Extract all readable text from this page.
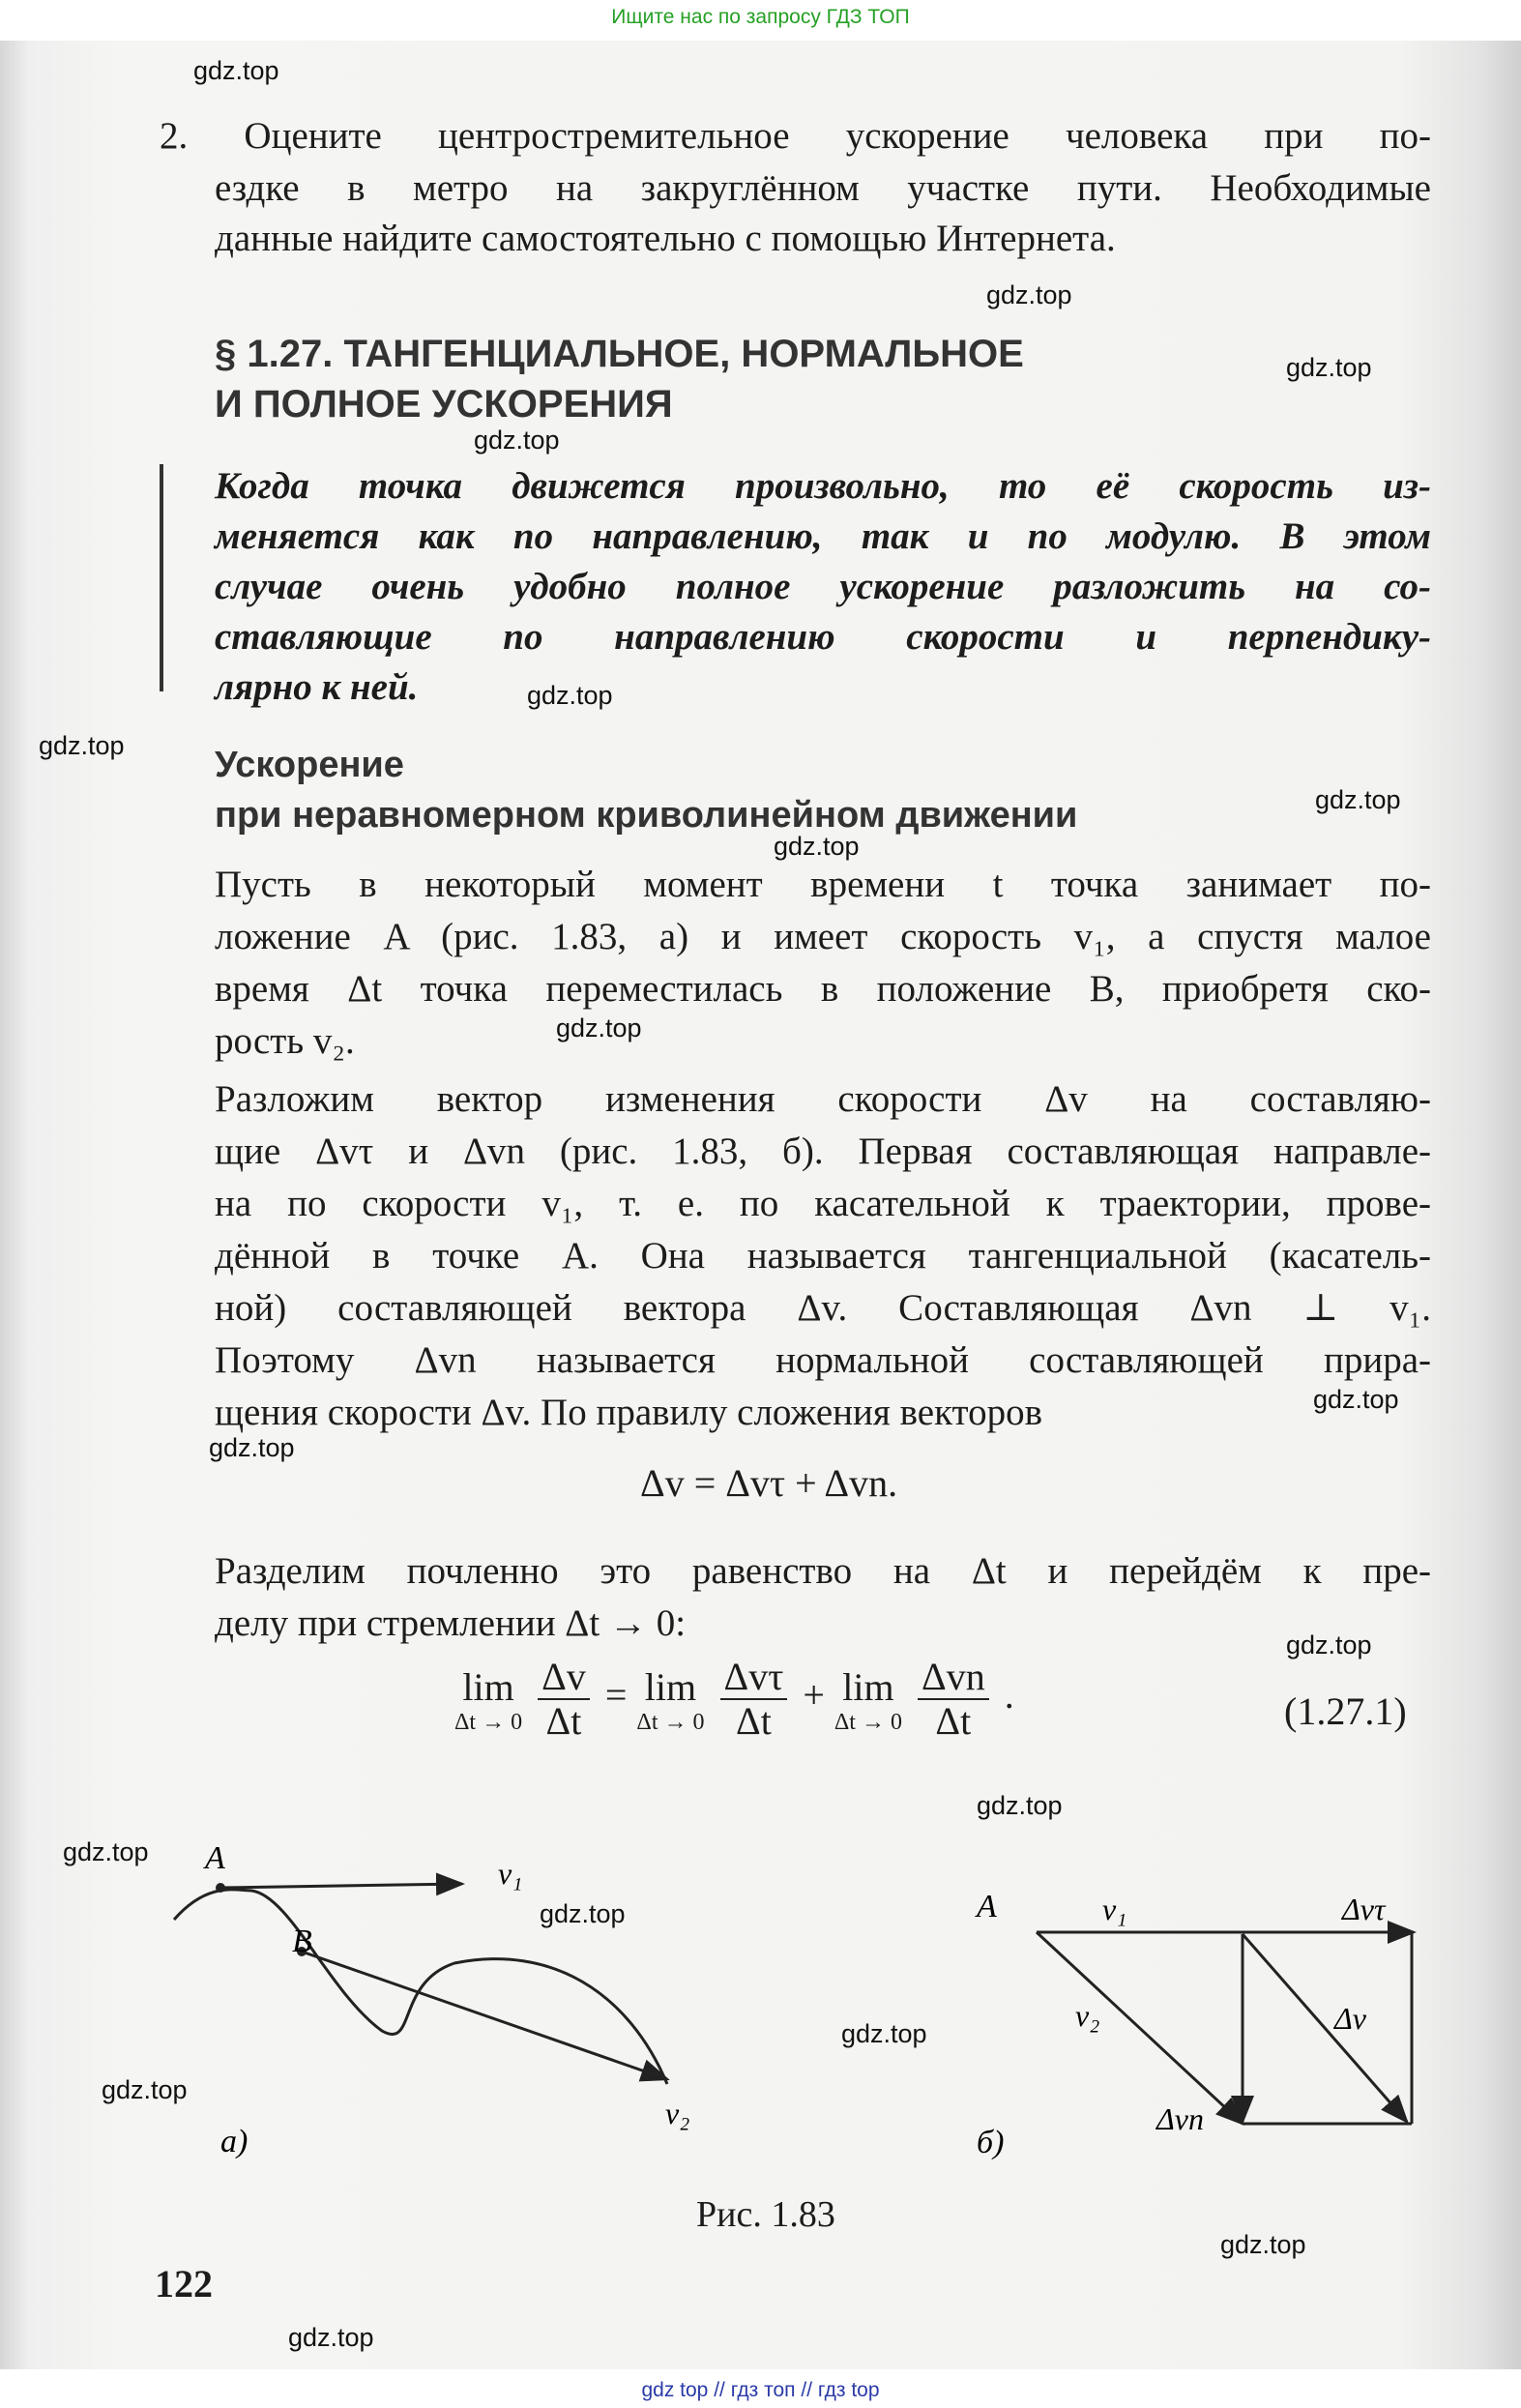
Ищите нас по запросу ГДЗ ТОП
gdz.top
gdz.top
gdz.top
gdz.top
gdz.top
gdz.top
gdz.top
gdz.top
gdz.top
gdz.top
gdz.top
gdz.top
gdz.top
gdz.top
gdz.top
gdz.top
gdz.top
gdz.top
gdz.top
2. Оцените центростремительное ускорение человека при по-
ездке в метро на закруглённом участке пути. Необходимые
данные найдите самостоятельно с помощью Интернета.
§ 1.27. ТАНГЕНЦИАЛЬНОЕ, НОРМАЛЬНОЕ
И ПОЛНОЕ УСКОРЕНИЯ
Когда точка движется произвольно, то её скорость из-
меняется как по направлению, так и по модулю. В этом
случае очень удобно полное ускорение разложить на со-
ставляющие по направлению скорости и перпендику-
лярно к ней.
Ускорение
при неравномерном криволинейном движении
Пусть в некоторый момент времени t точка занимает по-
ложение A (рис. 1.83, а) и имеет скорость v₁, а спустя малое
время Δt точка переместилась в положение B, приобретя ско-
рость v₂.
Разложим вектор изменения скорости Δv на составляю-
щие Δvτ и Δvn (рис. 1.83, б). Первая составляющая направле-
на по скорости v₁, т. е. по касательной к траектории, прове-
дённой в точке A. Она называется тангенциальной (касатель-
ной) составляющей вектора Δv. Составляющая Δvn ⊥ v₁.
Поэтому Δvn называется нормальной составляющей прира-
щения скорости Δv. По правилу сложения векторов
Δv = Δvτ + Δvn.
Разделим почленно это равенство на Δt и перейдём к пре-
делу при стремлении Δt → 0:
lim
Δt → 0
$\frac{\Delta v}{\Delta t} = \lim$
Δt → 0
$\frac{\text{Δvτ}}{\Delta t} + \lim$
Δt → 0
$\frac{\text{Δvn}}{\Delta t}$ .	(1.27.1)
A
B
v₁
v₂
а)
A	v₁
v₂
Δvτ
Δv
Δvn
б)
Рис. 1.83
122
gdz top // гдз топ // гдз top
